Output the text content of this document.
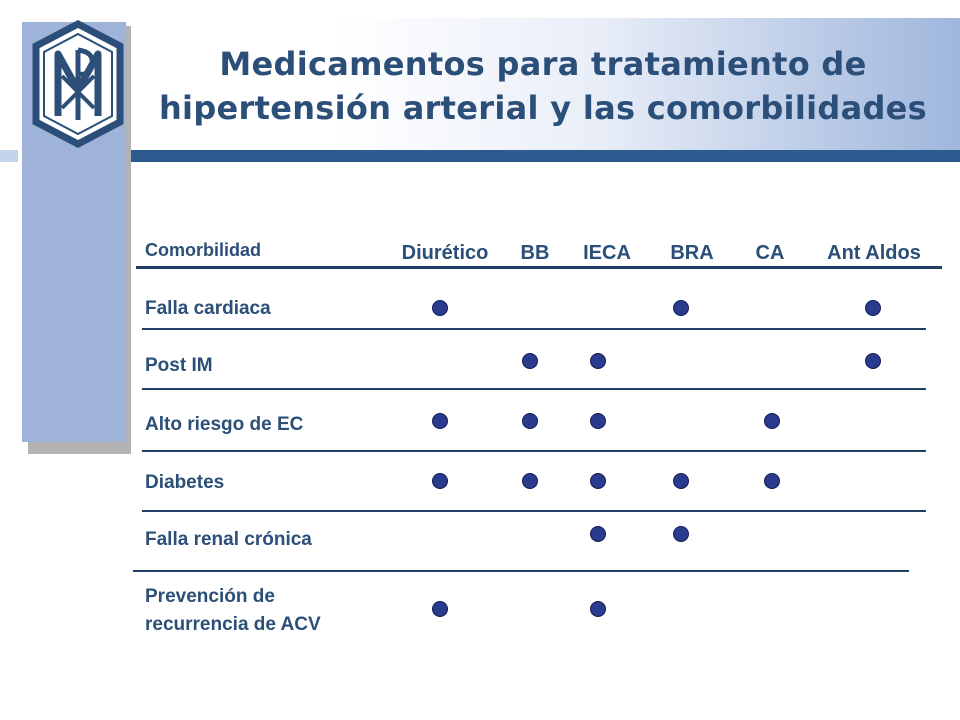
Medicamentos para tratamiento de
hipertensión arterial y las comorbilidades
Comorbilidad	Diurético BB IECA BRA CA Ant Aldos
Falla cardiaca
Post IM
Alto riesgo de EC
Diabetes
Falla renal crónica
Prevención de
recurrencia de ACV
